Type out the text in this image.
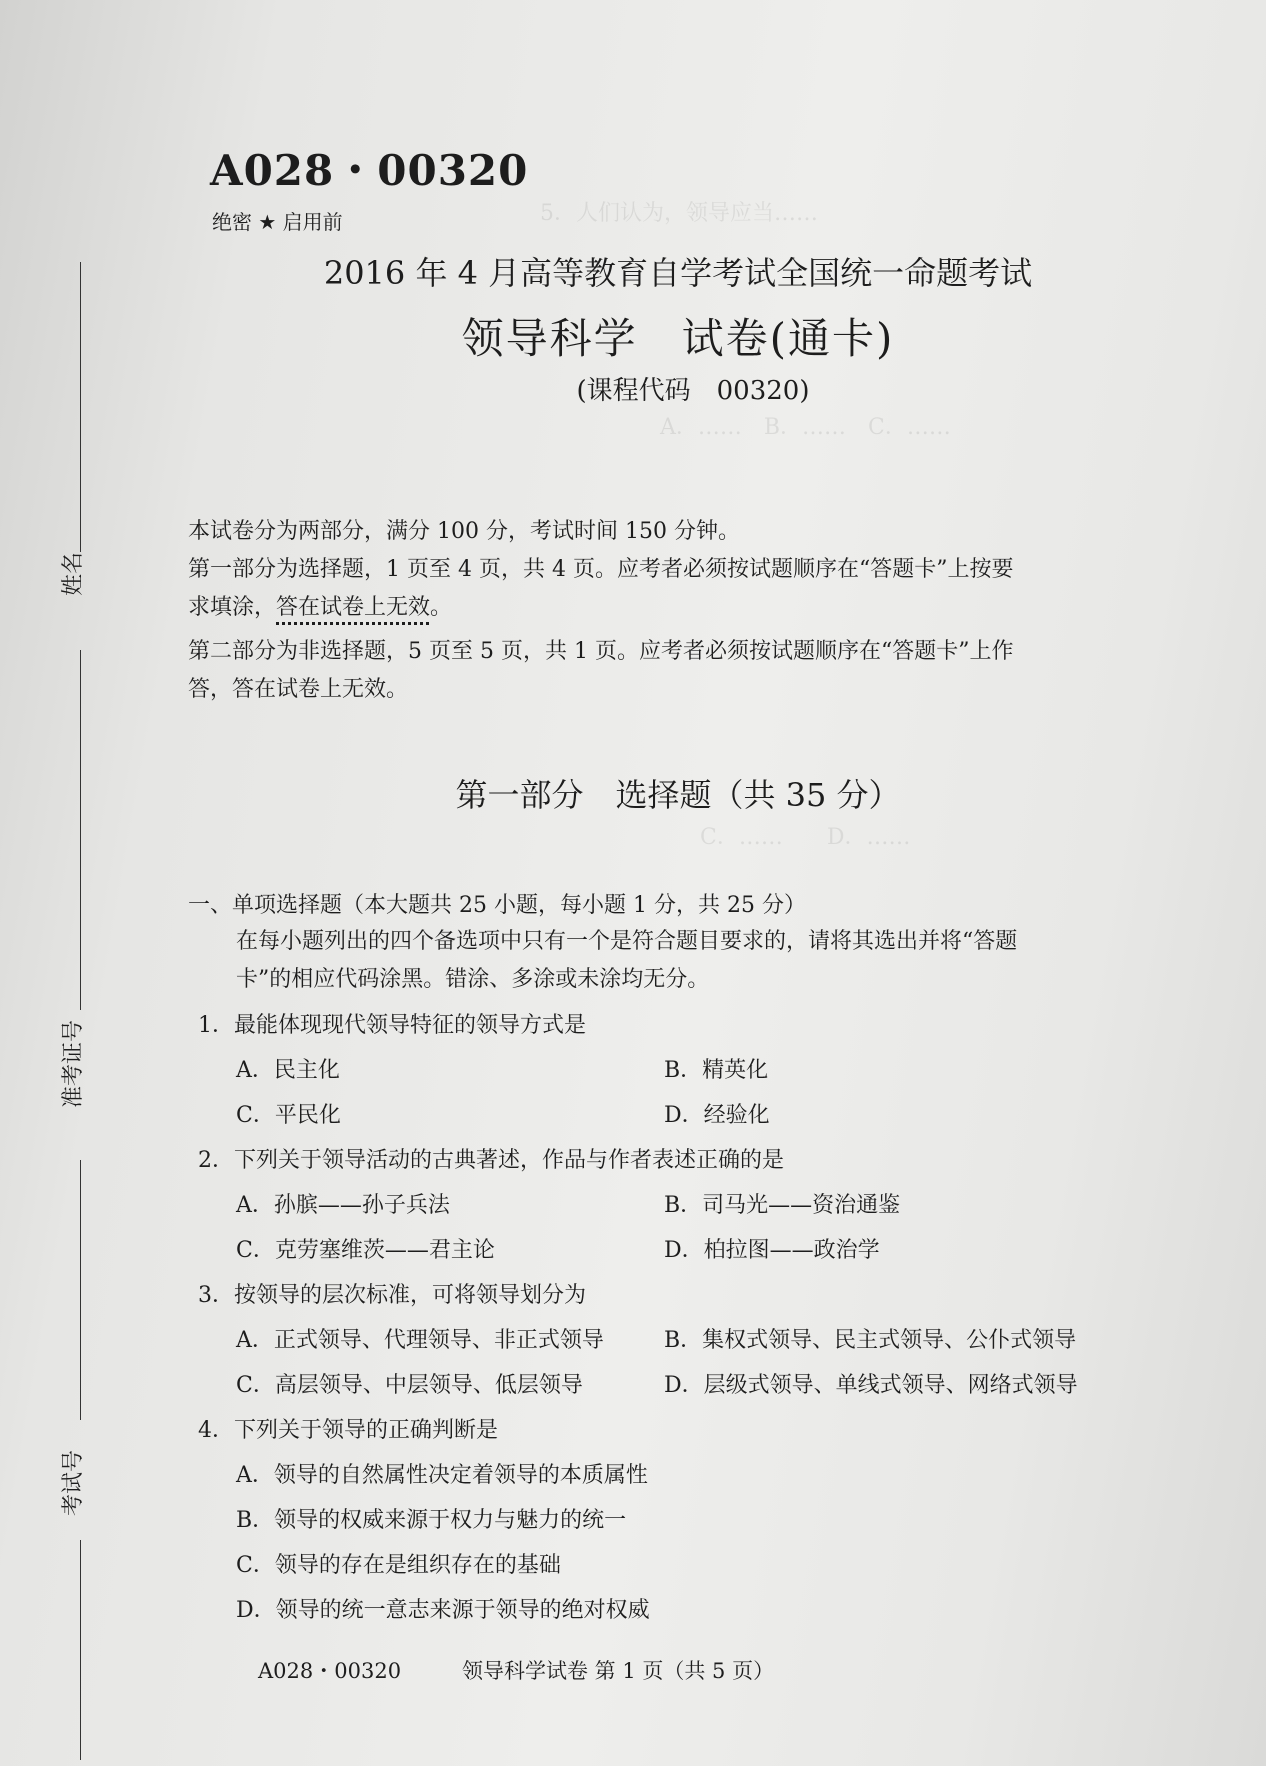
5．人们认为，领导应当……
A．……　B．……　C．……
C．……　　D．……
姓名
准考证号
考试号
A028・00320
绝密 ★ 启用前
2016 年 4 月高等教育自学考试全国统一命题考试
领导科学　试卷(通卡)
(课程代码　00320)
本试卷分为两部分，满分 100 分，考试时间 150 分钟。
第一部分为选择题，1 页至 4 页，共 4 页。应考者必须按试题顺序在“答题卡”上按要
求填涂，答在试卷上无效。
第二部分为非选择题，5 页至 5 页，共 1 页。应考者必须按试题顺序在“答题卡”上作
答，答在试卷上无效。
第一部分　选择题（共 35 分）
一、单项选择题（本大题共 25 小题，每小题 1 分，共 25 分）
在每小题列出的四个备选项中只有一个是符合题目要求的，请将其选出并将“答题
卡”的相应代码涂黑。错涂、多涂或未涂均无分。
1．最能体现现代领导特征的领导方式是
A．民主化	B．精英化
C．平民化	D．经验化
2．下列关于领导活动的古典著述，作品与作者表述正确的是
A．孙膑——孙子兵法	B．司马光——资治通鉴
C．克劳塞维茨——君主论	D．柏拉图——政治学
3．按领导的层次标准，可将领导划分为
A．正式领导、代理领导、非正式领导	B．集权式领导、民主式领导、公仆式领导
C．高层领导、中层领导、低层领导	D．层级式领导、单线式领导、网络式领导
4．下列关于领导的正确判断是
A．领导的自然属性决定着领导的本质属性
B．领导的权威来源于权力与魅力的统一
C．领导的存在是组织存在的基础
D．领导的统一意志来源于领导的绝对权威
A028・00320	领导科学试卷 第 1 页（共 5 页）
